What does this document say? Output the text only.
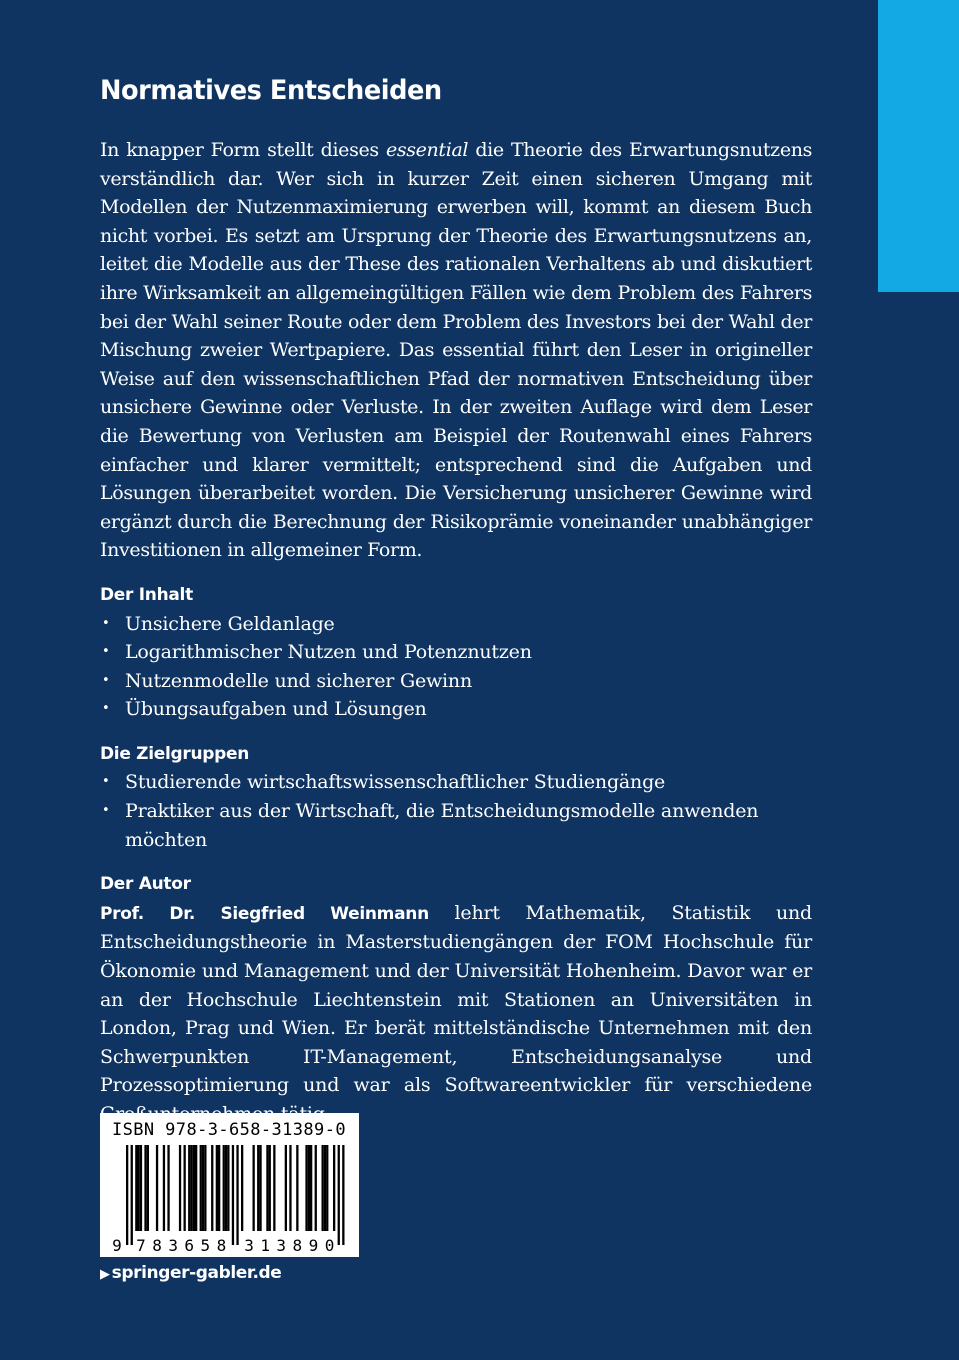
Normatives Entscheiden

In knapper Form stellt dieses essential die Theorie des Erwartungsnutzens verständlich dar. Wer sich in kurzer Zeit einen sicheren Umgang mit Modellen der Nutzenmaximierung erwerben will, kommt an diesem Buch nicht vorbei. Es setzt am Ursprung der Theorie des Erwartungsnutzens an, leitet die Modelle aus der These des rationalen Verhaltens ab und diskutiert ihre Wirksamkeit an allgemeingültigen Fällen wie dem Problem des Fahrers bei der Wahl seiner Route oder dem Problem des Investors bei der Wahl der Mischung zweier Wertpapiere. Das essential führt den Leser in origineller Weise auf den wissenschaftlichen Pfad der normativen Entscheidung über unsichere Gewinne oder Verluste. In der zweiten Auflage wird dem Leser die Bewertung von Verlusten am Beispiel der Routenwahl eines Fahrers einfacher und klarer vermittelt; entsprechend sind die Aufgaben und Lösungen überarbeitet worden. Die Versicherung unsicherer Gewinne wird ergänzt durch die Berechnung der Risikoprämie voneinander unabhängiger Investitionen in allgemeiner Form.

Der Inhalt
• Unsichere Geldanlage
• Logarithmischer Nutzen und Potenznutzen
• Nutzenmodelle und sicherer Gewinn
• Übungsaufgaben und Lösungen
Die Zielgruppen
• Studierende wirtschaftswissenschaftlicher Studiengänge
• Praktiker aus der Wirtschaft, die Entscheidungsmodelle anwenden möchten
Der Autor

Prof. Dr. Siegfried Weinmann lehrt Mathematik, Statistik und Entscheidungstheorie in Masterstudiengängen der FOM Hochschule für Ökonomie und Management und der Universität Hohenheim. Davor war er an der Hochschule Liechtenstein mit Stationen an Universitäten in London, Prag und Wien. Er berät mittelständische Unternehmen mit den Schwerpunkten IT-Management, Entscheidungsanalyse und Prozessoptimierung und war als Softwareentwickler für verschiedene

ISBN 978-3-658-31389-0
9 7 8 3 6 5 8 3 1 3 8 9 0
▶ springer-gabler.de
